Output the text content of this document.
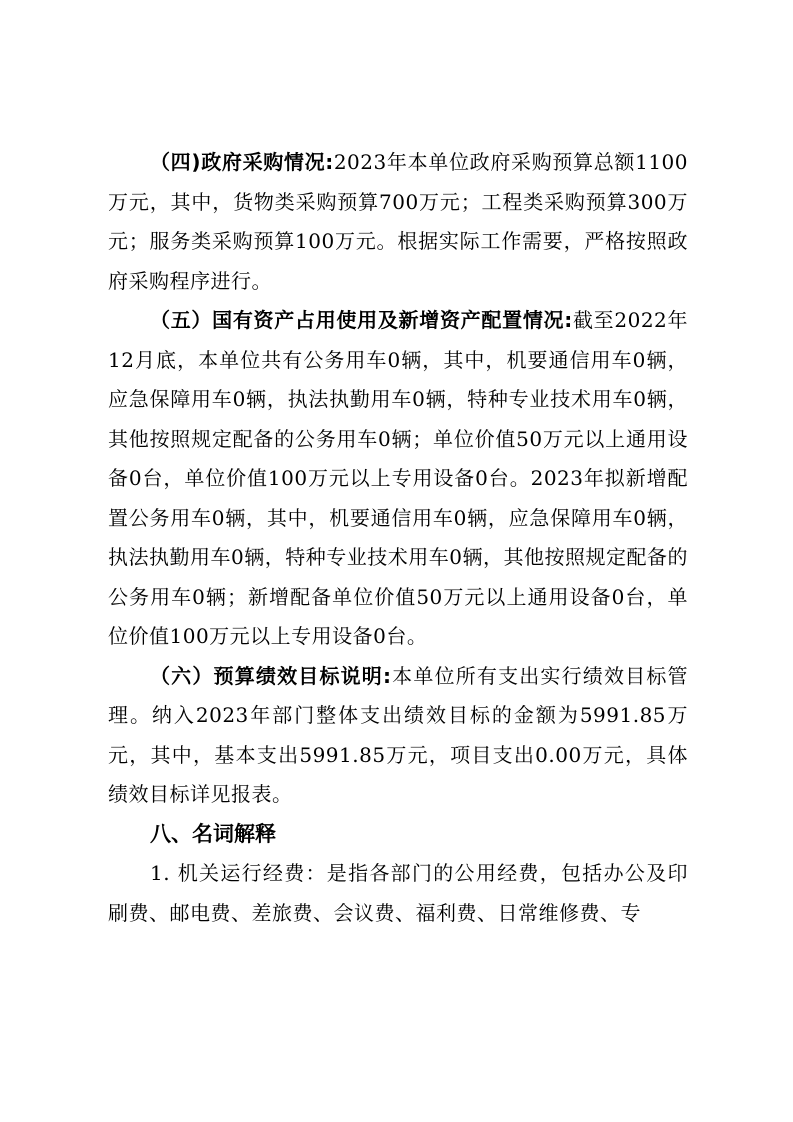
（四)政府采购情况:2023年本单位政府采购预算总额1100万元，其中，货物类采购预算700万元；工程类采购预算300万元；服务类采购预算100万元。根据实际工作需要，严格按照政府采购程序进行。

（五）国有资产占用使用及新增资产配置情况:截至2022年12月底，本单位共有公务用车0辆，其中，机要通信用车0辆，应急保障用车0辆，执法执勤用车0辆，特种专业技术用车0辆，其他按照规定配备的公务用车0辆；单位价值50万元以上通用设备0台，单位价值100万元以上专用设备0台。2023年拟新增配置公务用车0辆，其中，机要通信用车0辆，应急保障用车0辆，执法执勤用车0辆，特种专业技术用车0辆，其他按照规定配备的公务用车0辆；新增配备单位价值50万元以上通用设备0台，单位价值100万元以上专用设备0台。

（六）预算绩效目标说明:本单位所有支出实行绩效目标管理。纳入2023年部门整体支出绩效目标的金额为5991.85万元，其中，基本支出5991.85万元，项目支出0.00万元，具体绩效目标详见报表。

八、名词解释

1. 机关运行经费：是指各部门的公用经费，包括办公及印刷费、邮电费、差旅费、会议费、福利费、日常维修费、专
